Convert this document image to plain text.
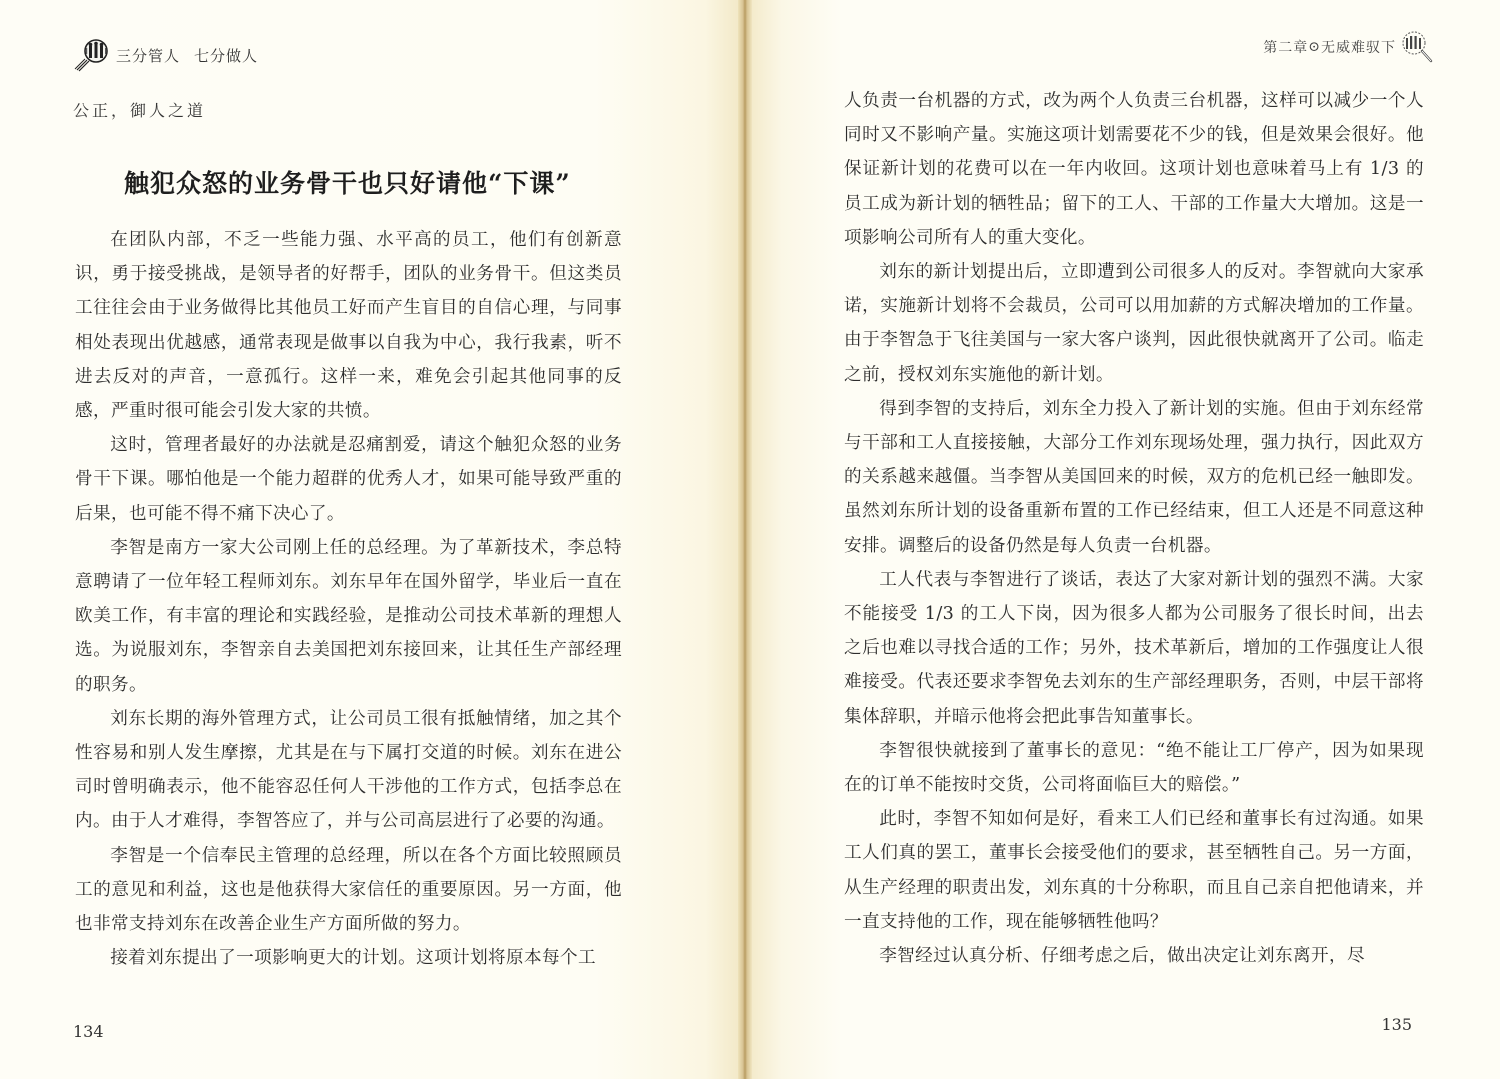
三分管人 七分做人
公正，御人之道
触犯众怒的业务骨干也只好请他“下课”

在团队内部，不乏一些能力强、水平高的员工，他们有创新意识，勇于接受挑战，是领导者的好帮手，团队的业务骨干。但这类员工往往会由于业务做得比其他员工好而产生盲目的自信心理，与同事相处表现出优越感，通常表现是做事以自我为中心，我行我素，听不进去反对的声音，一意孤行。这样一来，难免会引起其他同事的反感，严重时很可能会引发大家的共愤。

这时，管理者最好的办法就是忍痛割爱，请这个触犯众怒的业务骨干下课。哪怕他是一个能力超群的优秀人才，如果可能导致严重的后果，也可能不得不痛下决心了。

李智是南方一家大公司刚上任的总经理。为了革新技术，李总特意聘请了一位年轻工程师刘东。刘东早年在国外留学，毕业后一直在欧美工作，有丰富的理论和实践经验，是推动公司技术革新的理想人选。为说服刘东，李智亲自去美国把刘东接回来，让其任生产部经理的职务。

刘东长期的海外管理方式，让公司员工很有抵触情绪，加之其个性容易和别人发生摩擦，尤其是在与下属打交道的时候。刘东在进公司时曾明确表示，他不能容忍任何人干涉他的工作方式，包括李总在内。由于人才难得，李智答应了，并与公司高层进行了必要的沟通。

李智是一个信奉民主管理的总经理，所以在各个方面比较照顾员工的意见和利益，这也是他获得大家信任的重要原因。另一方面，他也非常支持刘东在改善企业生产方面所做的努力。

接着刘东提出了一项影响更大的计划。这项计划将原本每个工

134
第二章 ⊙ 无威难驭下

人负责一台机器的方式，改为两个人负责三台机器，这样可以减少一个人同时又不影响产量。实施这项计划需要花不少的钱，但是效果会很好。他保证新计划的花费可以在一年内收回。这项计划也意味着马上有 1/3 的员工成为新计划的牺牲品；留下的工人、干部的工作量大大增加。这是一项影响公司所有人的重大变化。

刘东的新计划提出后，立即遭到公司很多人的反对。李智就向大家承诺，实施新计划将不会裁员，公司可以用加薪的方式解决增加的工作量。由于李智急于飞往美国与一家大客户谈判，因此很快就离开了公司。临走之前，授权刘东实施他的新计划。

得到李智的支持后，刘东全力投入了新计划的实施。但由于刘东经常与干部和工人直接接触，大部分工作刘东现场处理，强力执行，因此双方的关系越来越僵。当李智从美国回来的时候，双方的危机已经一触即发。虽然刘东所计划的设备重新布置的工作已经结束，但工人还是不同意这种安排。调整后的设备仍然是每人负责一台机器。

工人代表与李智进行了谈话，表达了大家对新计划的强烈不满。大家不能接受 1/3 的工人下岗，因为很多人都为公司服务了很长时间，出去之后也难以寻找合适的工作；另外，技术革新后，增加的工作强度让人很难接受。代表还要求李智免去刘东的生产部经理职务，否则，中层干部将集体辞职，并暗示他将会把此事告知董事长。

李智很快就接到了董事长的意见：“绝不能让工厂停产，因为如果现在的订单不能按时交货，公司将面临巨大的赔偿。”

此时，李智不知如何是好，看来工人们已经和董事长有过沟通。如果工人们真的罢工，董事长会接受他们的要求，甚至牺牲自己。另一方面，从生产经理的职责出发，刘东真的十分称职，而且自己亲自把他请来，并一直支持他的工作，现在能够牺牲他吗？

李智经过认真分析、仔细考虑之后，做出决定让刘东离开，尽

135
